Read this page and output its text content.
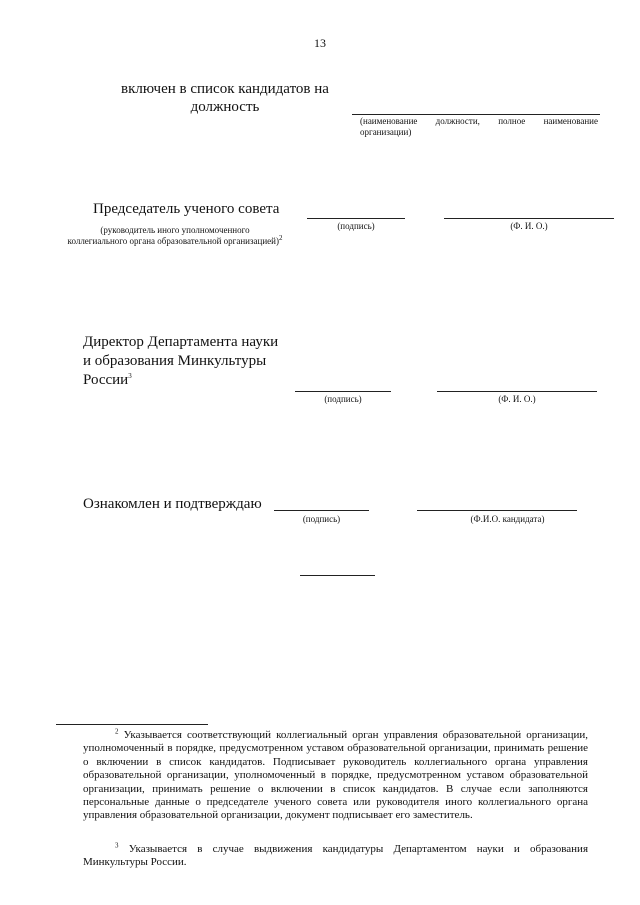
13
включен в список кандидатов на
должность
(наименование должности, полное наименование
организации)
Председатель ученого совета
(руководитель иного уполномоченного
коллегиального органа образовательной организацией)$^2$
(подпись)	(Ф. И. О.)
Директор Департамента науки
и образования Минкультуры
России$^3$
(подпись)	(Ф. И. О.)
Ознакомлен и подтверждаю
(подпись)	(Ф.И.О. кандидата)
$^2$ Указывается соответствующий коллегиальный орган управления образовательной организации, уполномоченный в порядке, предусмотренном уставом образовательной организации, принимать решение о включении в список кандидатов. Подписывает руководитель коллегиального органа управления образовательной организации, уполномоченный в порядке, предусмотренном уставом образовательной организации, принимать решение о включении в список кандидатов. В случае если заполняются персональные данные о председателе ученого совета или руководителя иного коллегиального органа управления образовательной организации, документ подписывает его заместитель.
$^3$ Указывается в случае выдвижения кандидатуры Департаментом науки и образования Минкультуры России.
